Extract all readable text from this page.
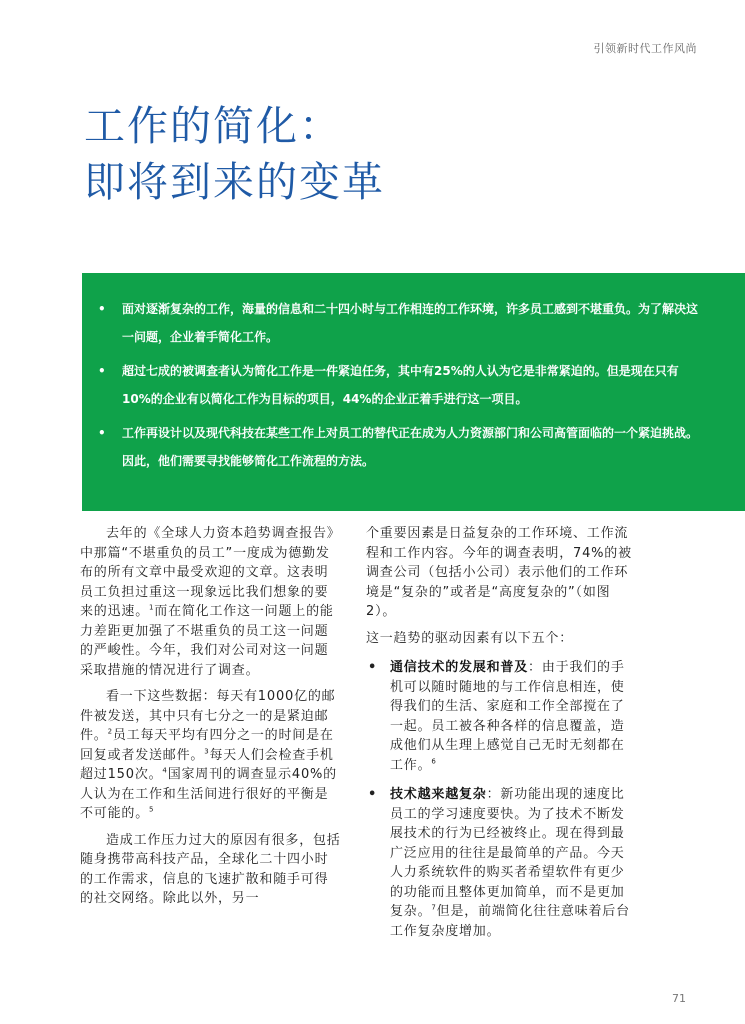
引领新时代工作风尚
工作的简化：
即将到来的变革
• 面对逐渐复杂的工作，海量的信息和二十四小时与工作相连的工作环境，许多员工感到不堪重负。为了解决这一问题，企业着手简化工作。
• 超过七成的被调查者认为简化工作是一件紧迫任务，其中有25%的人认为它是非常紧迫的。但是现在只有10%的企业有以简化工作为目标的项目，44%的企业正着手进行这一项目。
• 工作再设计以及现代科技在某些工作上对员工的替代正在成为人力资源部门和公司高管面临的一个紧迫挑战。因此，他们需要寻找能够简化工作流程的方法。

去年的《全球人力资本趋势调查报告》中那篇“不堪重负的员工”一度成为德勤发布的所有文章中最受欢迎的文章。这表明员工负担过重这一现象远比我们想象的要来的迅速。$^1$而在简化工作这一问题上的能力差距更加强了不堪重负的员工这一问题的严峻性。今年，我们对公司对这一问题采取措施的情况进行了调查。

看一下这些数据：每天有1000亿的邮件被发送，其中只有七分之一的是紧迫邮件。$^2$员工每天平均有四分之一的时间是在回复或者发送邮件。$^3$每天人们会检查手机超过150次。$^4$国家周刊的调查显示40%的人认为在工作和生活间进行很好的平衡是不可能的。$^5$

造成工作压力过大的原因有很多，包括随身携带高科技产品，全球化二十四小时的工作需求，信息的飞速扩散和随手可得的社交网络。除此以外，另一

个重要因素是日益复杂的工作环境、工作流程和工作内容。今年的调查表明，74%的被调查公司（包括小公司）表示他们的工作环境是“复杂的”或者是“高度复杂的”（如图2）。

这一趋势的驱动因素有以下五个：

• 通信技术的发展和普及：由于我们的手机可以随时随地的与工作信息相连，使得我们的生活、家庭和工作全部搅在了一起。员工被各种各样的信息覆盖，造成他们从生理上感觉自己无时无刻都在工作。$^6$
• 技术越来越复杂：新功能出现的速度比员工的学习速度要快。为了技术不断发展技术的行为已经被终止。现在得到最广泛应用的往往是最简单的产品。今天人力系统软件的购买者希望软件有更少的功能而且整体更加简单，而不是更加复杂。$^7$但是，前端简化往往意味着后台工作复杂度增加。
71
